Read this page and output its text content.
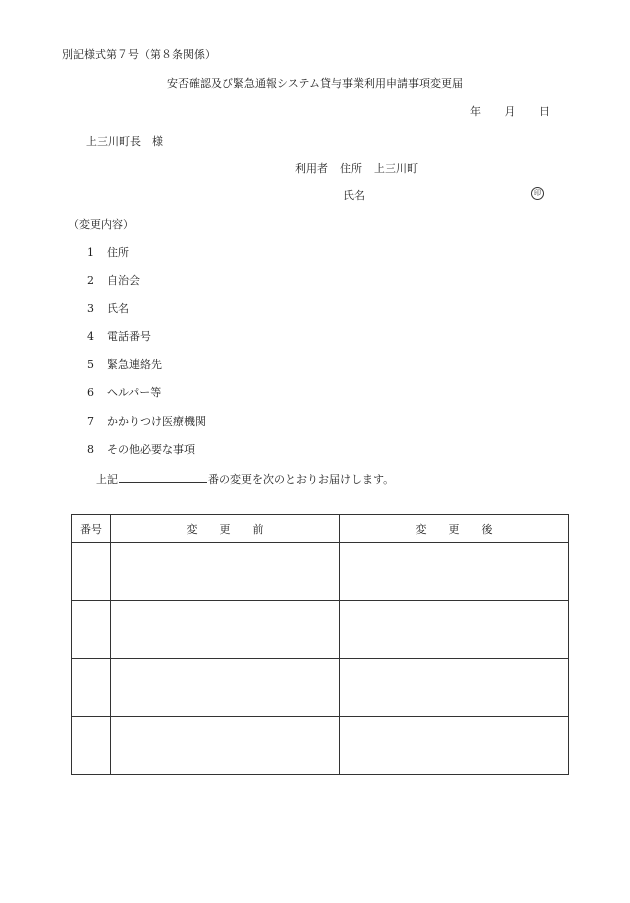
別記様式第７号（第８条関係）
安否確認及び緊急通報システム貸与事業利用申請事項変更届
年 月 日
上三川町長　様
利用者 住所 上三川町
氏名	印
（変更内容）
1 住所
2 自治会
3 氏名
4 電話番号
5 緊急連絡先
6 ヘルパー等
7 かかりつけ医療機関
8 その他必要な事項
上記	番の変更を次のとおりお届けします。
番号	変　　更　　前	変　　更　　後
